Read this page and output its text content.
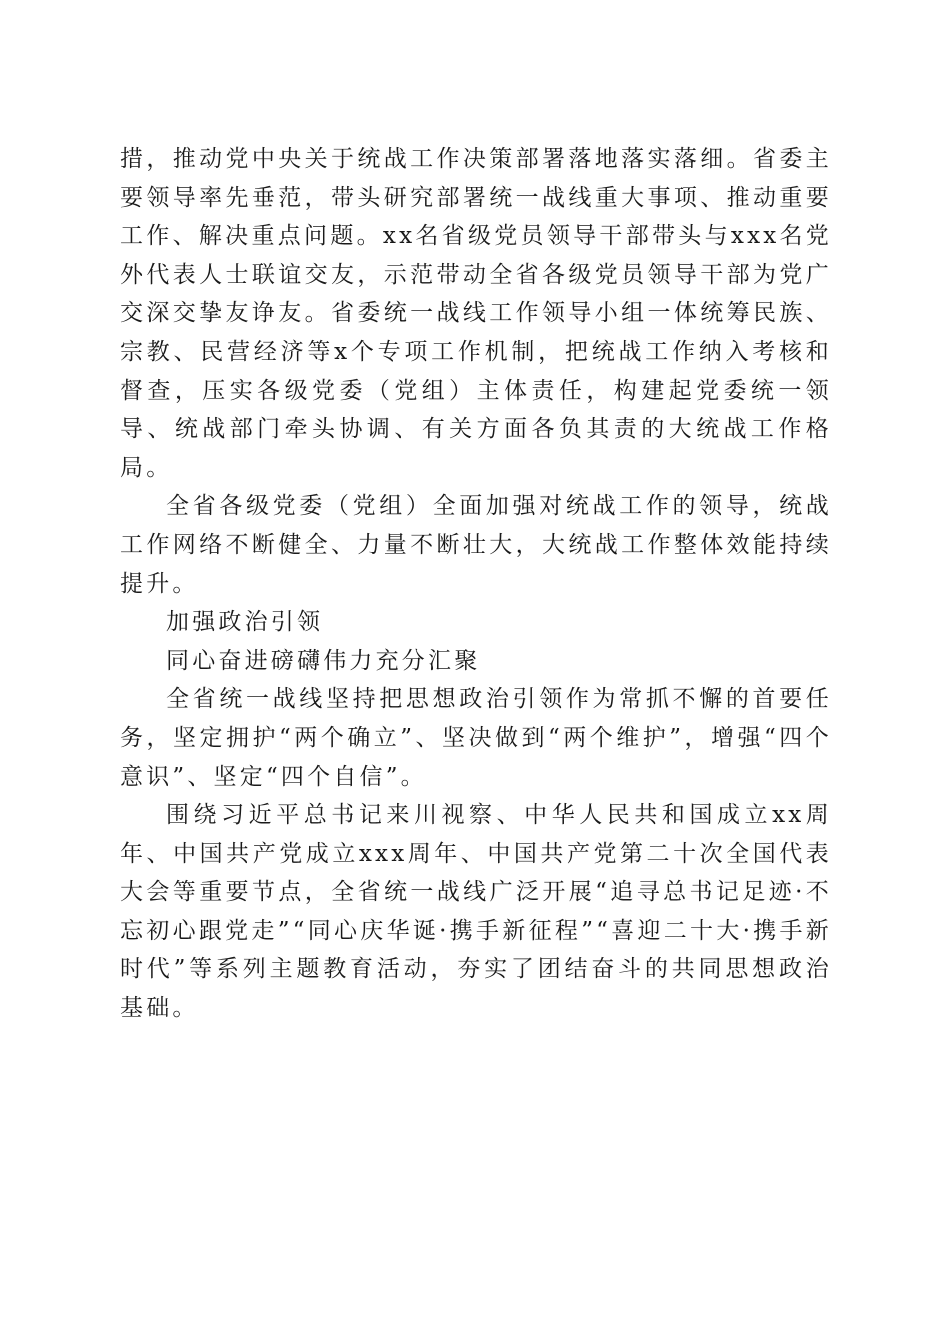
措，推动党中央关于统战工作决策部署落地落实落细。省委主要领导率先垂范，带头研究部署统一战线重大事项、推动重要工作、解决重点问题。xx名省级党员领导干部带头与xxx名党外代表人士联谊交友，示范带动全省各级党员领导干部为党广交深交挚友诤友。省委统一战线工作领导小组一体统筹民族、宗教、民营经济等x个专项工作机制，把统战工作纳入考核和督查，压实各级党委（党组）主体责任，构建起党委统一领导、统战部门牵头协调、有关方面各负其责的大统战工作格局。

全省各级党委（党组）全面加强对统战工作的领导，统战工作网络不断健全、力量不断壮大，大统战工作整体效能持续提升。

加强政治引领

同心奋进磅礴伟力充分汇聚

全省统一战线坚持把思想政治引领作为常抓不懈的首要任务，坚定拥护“两个确立”、坚决做到“两个维护”，增强“四个意识”、坚定“四个自信”。

围绕习近平总书记来川视察、中华人民共和国成立xx周年、中国共产党成立xxx周年、中国共产党第二十次全国代表大会等重要节点，全省统一战线广泛开展“追寻总书记足迹·不忘初心跟党走”“同心庆华诞·携手新征程”“喜迎二十大·携手新时代”等系列主题教育活动，夯实了团结奋斗的共同思想政治基础。
